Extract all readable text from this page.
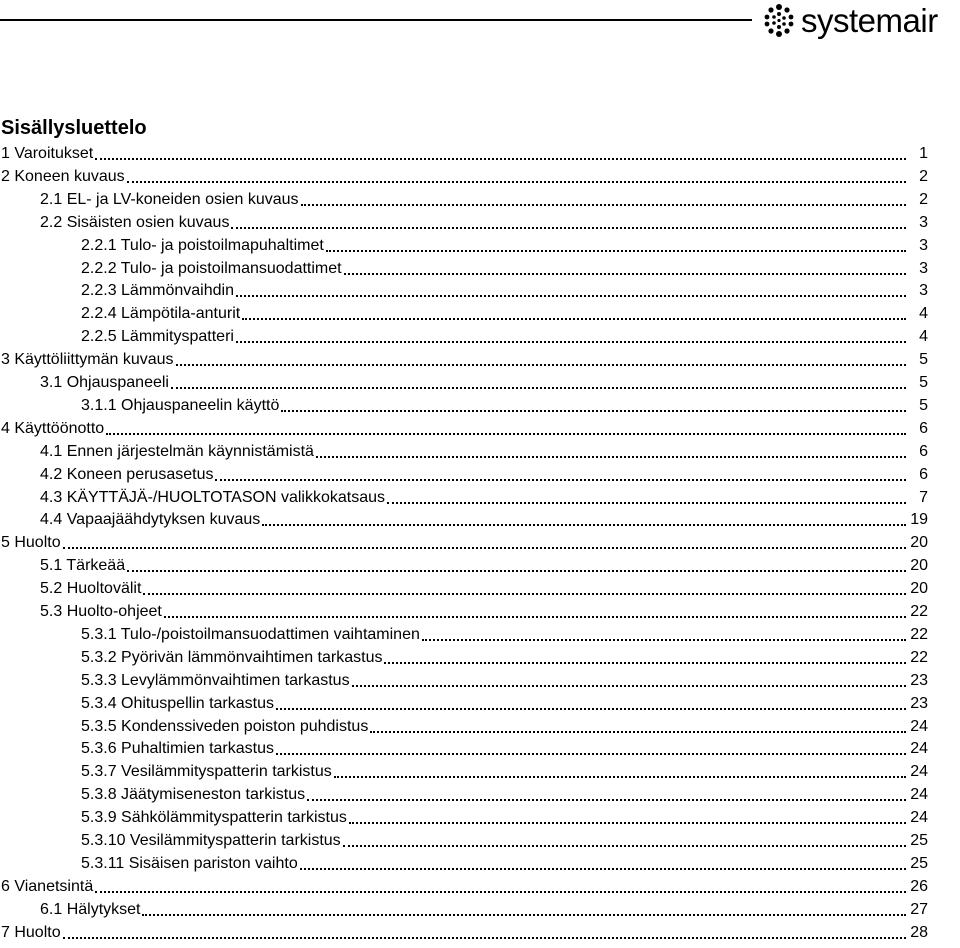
systemair
Sisällysluettelo
1 Varoitukset	1
2 Koneen kuvaus	2
2.1 EL- ja LV-koneiden osien kuvaus	2
2.2 Sisäisten osien kuvaus	3
2.2.1 Tulo- ja poistoilmapuhaltimet	3
2.2.2 Tulo- ja poistoilmansuodattimet	3
2.2.3 Lämmönvaihdin	3
2.2.4 Lämpötila-anturit	4
2.2.5 Lämmityspatteri	4
3 Käyttöliittymän kuvaus	5
3.1 Ohjauspaneeli	5
3.1.1 Ohjauspaneelin käyttö	5
4 Käyttöönotto	6
4.1 Ennen järjestelmän käynnistämistä	6
4.2 Koneen perusasetus	6
4.3 KÄYTTÄJÄ-/HUOLTOTASON valikkokatsaus	7
4.4 Vapaajäähdytyksen kuvaus	19
5 Huolto	20
5.1 Tärkeää	20
5.2 Huoltovälit	20
5.3 Huolto-ohjeet	22
5.3.1 Tulo-/poistoilmansuodattimen vaihtaminen	22
5.3.2 Pyörivän lämmönvaihtimen tarkastus	22
5.3.3 Levylämmönvaihtimen tarkastus	23
5.3.4 Ohituspellin tarkastus	23
5.3.5 Kondenssiveden poiston puhdistus	24
5.3.6 Puhaltimien tarkastus	24
5.3.7 Vesilämmityspatterin tarkistus	24
5.3.8 Jäätymiseneston tarkistus	24
5.3.9 Sähkölämmityspatterin tarkistus	24
5.3.10 Vesilämmityspatterin tarkistus	25
5.3.11 Sisäisen pariston vaihto	25
6 Vianetsintä	26
6.1 Hälytykset	27
7 Huolto	28
